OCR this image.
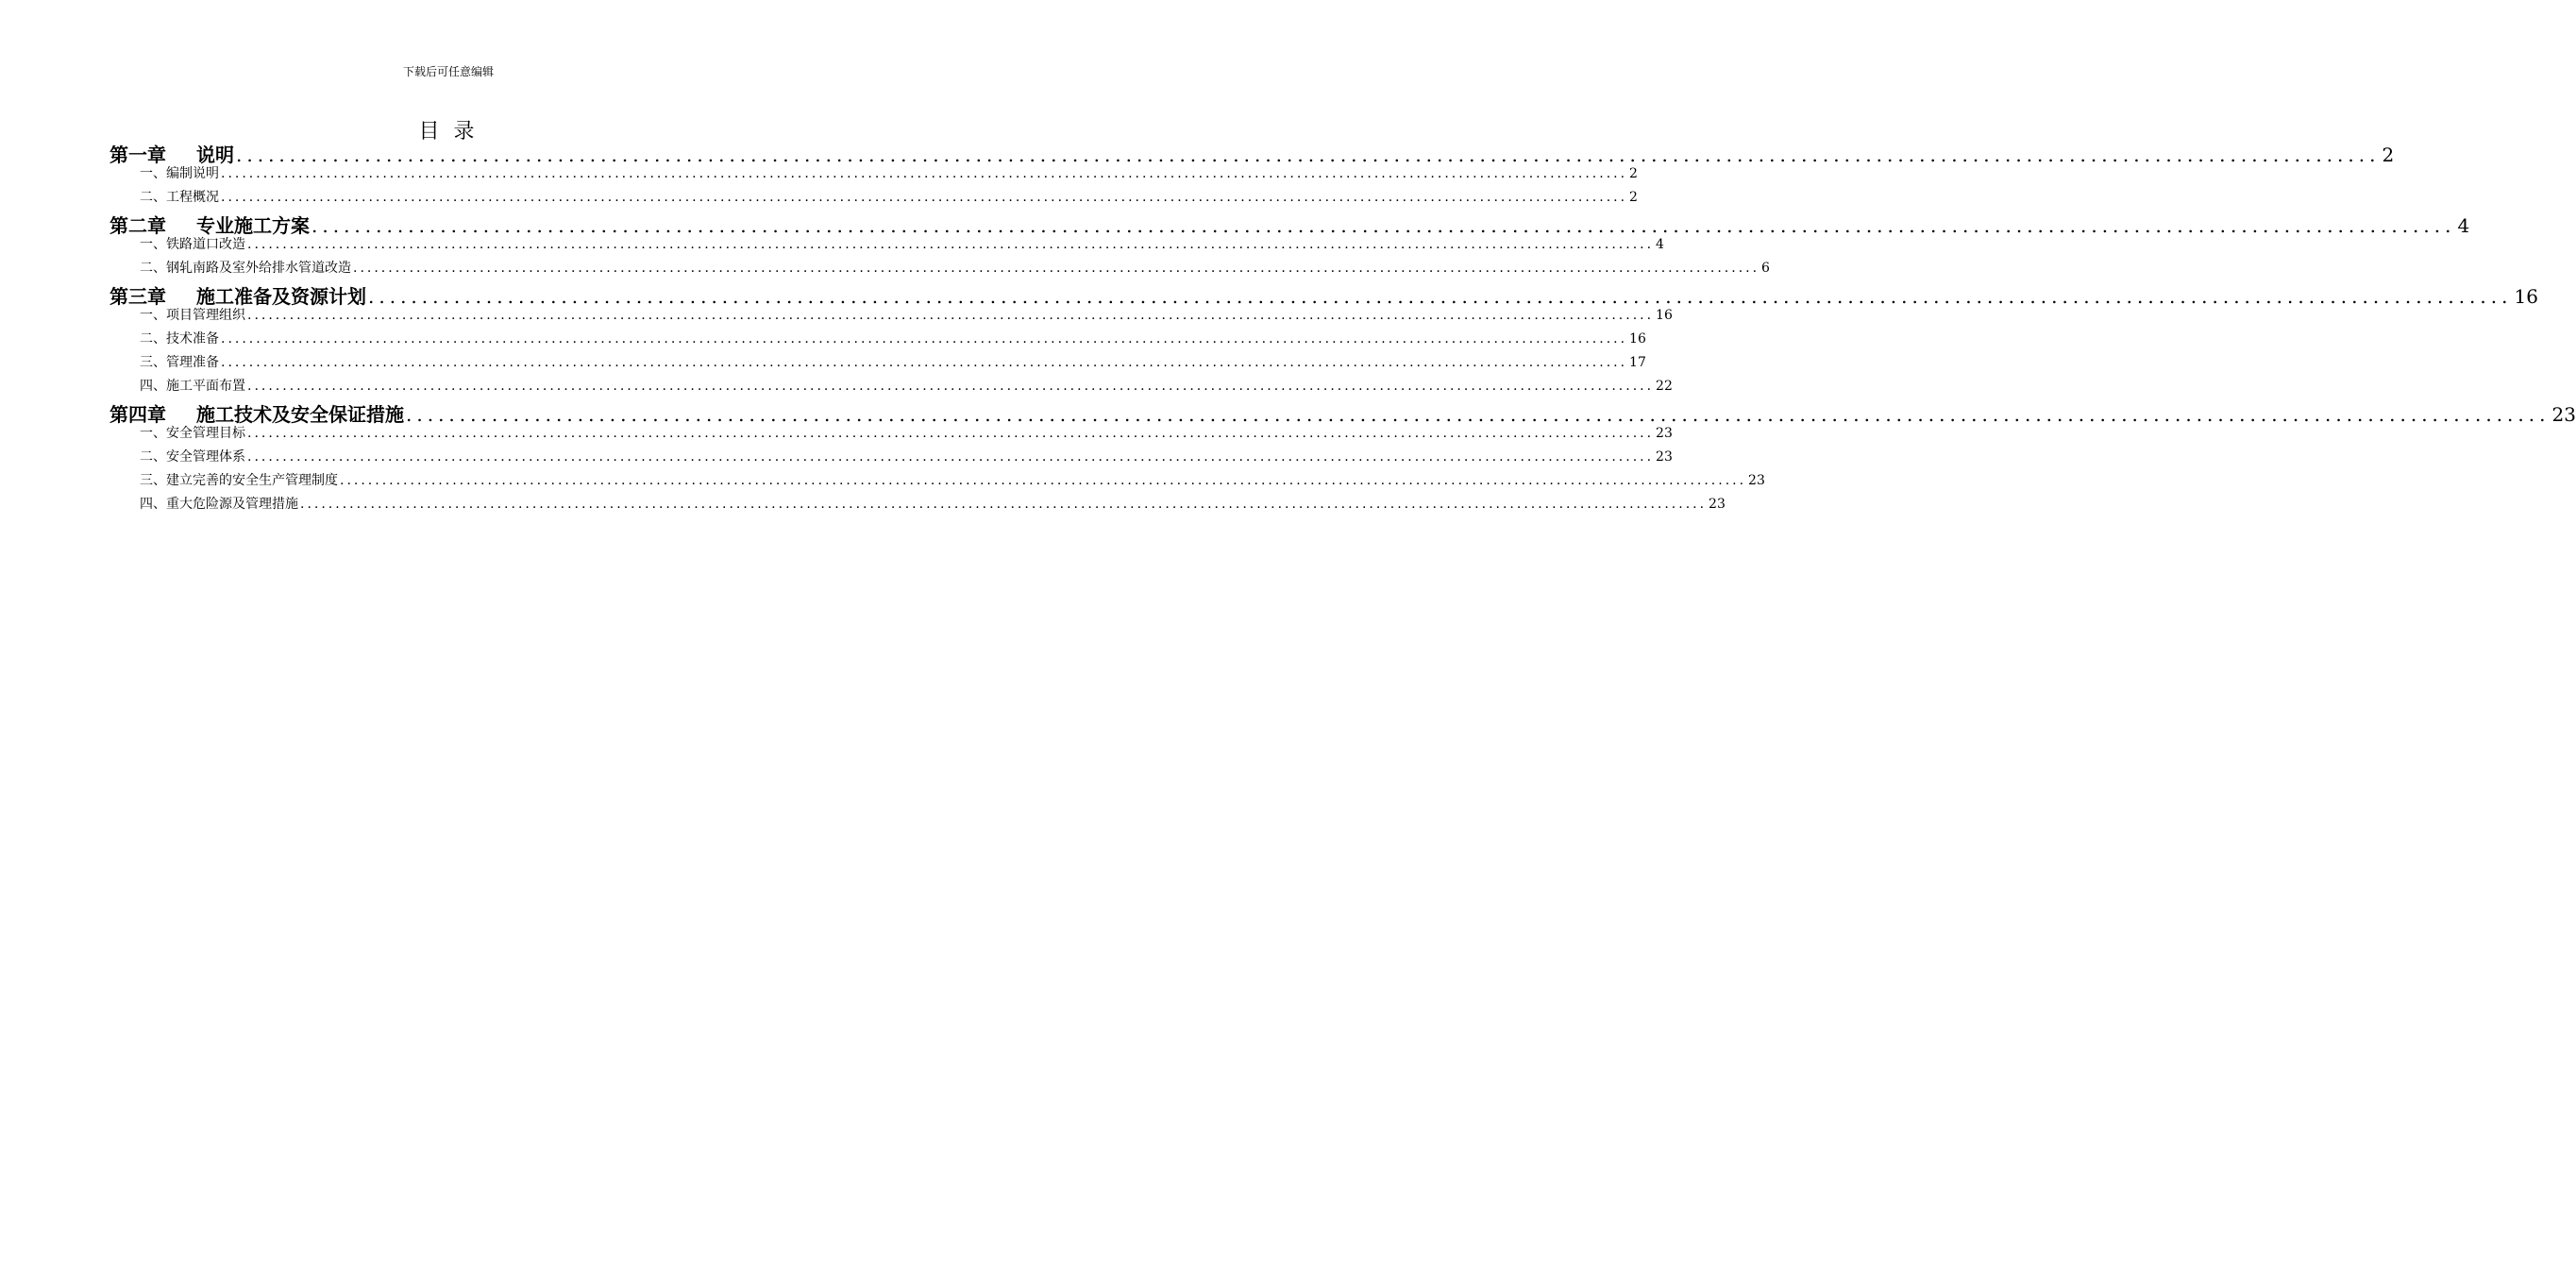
下载后可任意编辑
目 录
第一章 说明 ........................................................................................................................................................................................................ 2
一、编制说明 ........................................................................................................................................................................................................ 2
二、工程概况 ........................................................................................................................................................................................................ 2
第二章 专业施工方案 ........................................................................................................................................................................................................ 4
一、铁路道口改造 ........................................................................................................................................................................................................ 4
二、钢轧南路及室外给排水管道改造 ........................................................................................................................................................................................................ 6
第三章 施工准备及资源计划 ........................................................................................................................................................................................................ 16
一、项目管理组织 ........................................................................................................................................................................................................ 16
二、技术准备 ........................................................................................................................................................................................................ 16
三、管理准备 ........................................................................................................................................................................................................ 17
四、施工平面布置 ........................................................................................................................................................................................................ 22
第四章 施工技术及安全保证措施 ........................................................................................................................................................................................................ 23
一、安全管理目标 ........................................................................................................................................................................................................ 23
二、安全管理体系 ........................................................................................................................................................................................................ 23
三、建立完善的安全生产管理制度 ........................................................................................................................................................................................................ 23
四、重大危险源及管理措施 ........................................................................................................................................................................................................ 23
